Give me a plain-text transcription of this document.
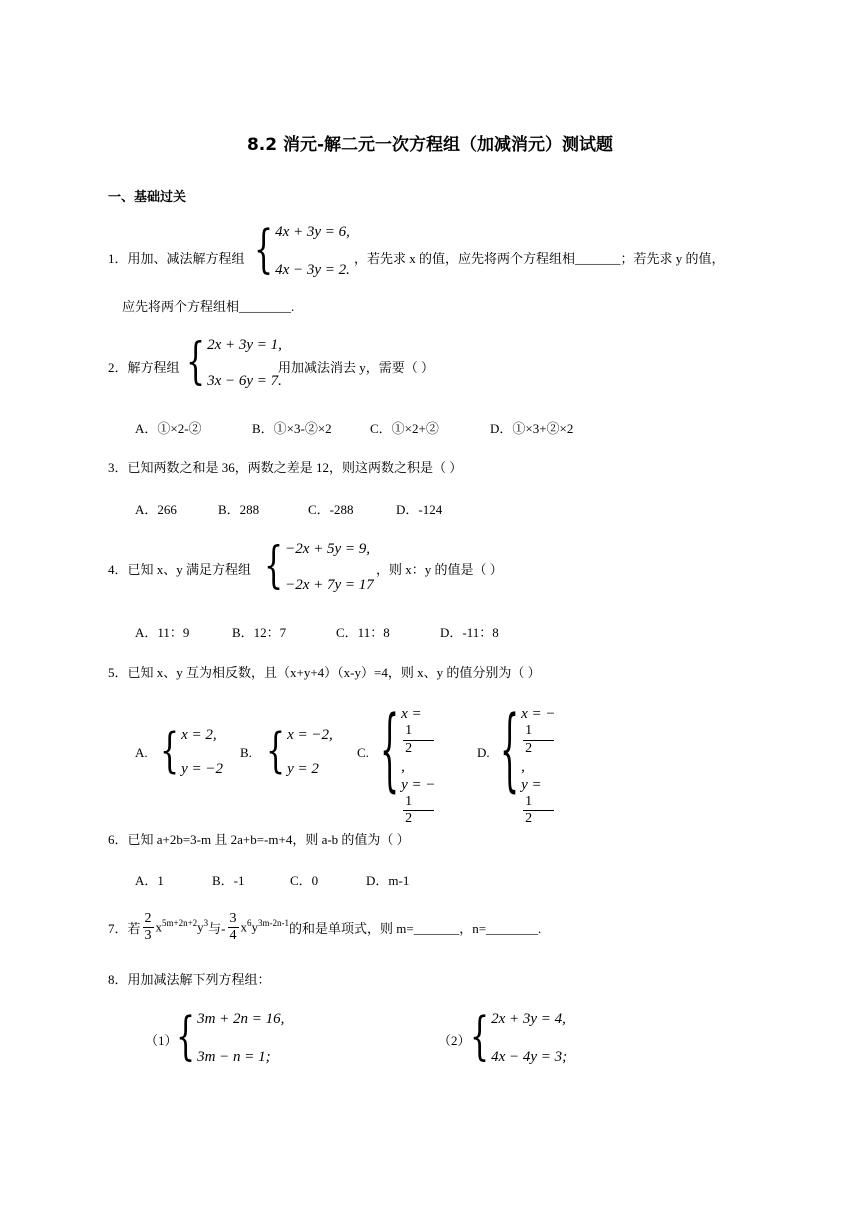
8.2 消元-解二元一次方程组（加减消元）测试题
一、基础过关
1．用加、减法解方程组 { 4x + 3y = 6,
4x − 3y = 2.
，若先求 x 的值，应先将两个方程组相_______；若先求 y 的值，
应先将两个方程组相________.
2．解方程组 { 2x + 3y = 1,
3x − 6y = 7.
用加减法消去 y，需要（ ）
A．①×2-②	B．①×3-②×2	C．①×2+②	D．①×3+②×2
3．已知两数之和是 36，两数之差是 12，则这两数之积是（ ）
A．266	B．288	C．-288	D．-124
4．已知 x、y 满足方程组 { −2x + 5y = 9,
−2x + 7y = 17
，则 x：y 的值是（ ）
A．11：9	B．12：7	C．11：8	D．-11：8
5．已知 x、y 互为相反数，且（x+y+4）（x-y）=4，则 x、y 的值分别为（ ）
A. { x = 2,
y = −2
B. { x = −2,
y = 2
C. { x =
1
2
,
y = −
1
2
D. { x = −
1
2
,
y =
1
2
6．已知 a+2b=3-m 且 2a+b=-m+4，则 a-b 的值为（ ）
A．1	B．-1	C．0	D．m-1
7．若 $\frac{2}{3} x^{5m+2n+2}y^3$ 与- $\frac{3}{4} x^6y^{3m-2n-1}$ 的和是单项式，则 m=_______，n=________.
8．用加减法解下列方程组：
（1）
{ 3m + 2n = 16,
3m − n = 1;
（2） { 2x + 3y = 4,
4x − 4y = 3;
